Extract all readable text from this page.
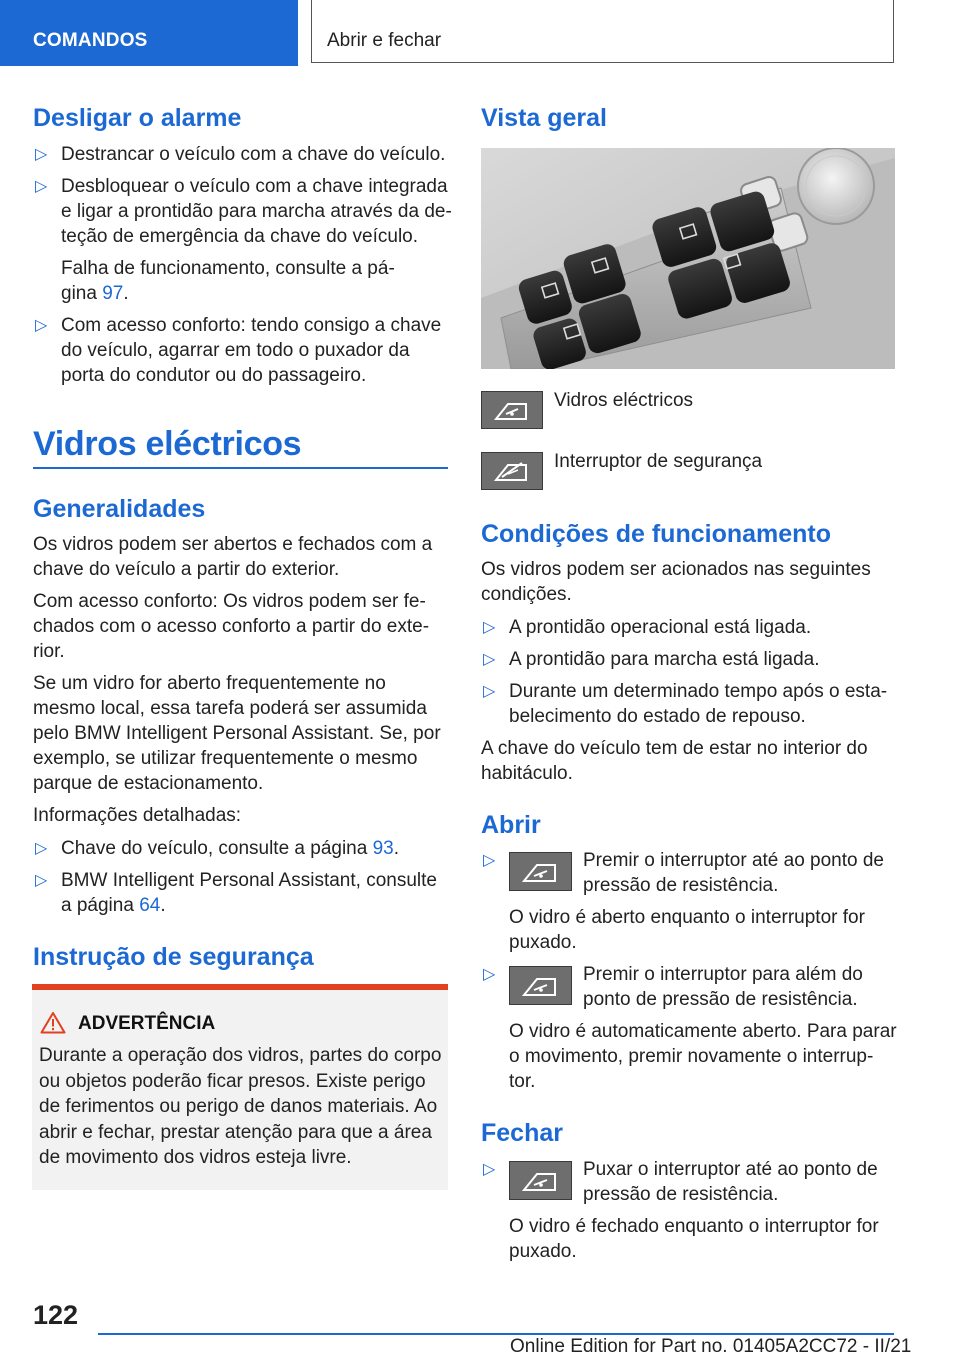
COMANDOS	Abrir e fechar
Desligar o alarme
▷ Destrancar o veículo com a chave do veículo.
▷ Desbloquear o veículo com a chave integrada
e ligar a prontidão para marcha através da de-
teção de emergência da chave do veículo.
Falha de funcionamento, consulte a pá-
gina 97.
▷ Com acesso conforto: tendo consigo a chave
do veículo, agarrar em todo o puxador da
porta do condutor ou do passageiro.
Vidros eléctricos
Generalidades
Os vidros podem ser abertos e fechados com a
chave do veículo a partir do exterior.
Com acesso conforto: Os vidros podem ser fe-
chados com o acesso conforto a partir do exte-
rior.
Se um vidro for aberto frequentemente no
mesmo local, essa tarefa poderá ser assumida
pelo BMW Intelligent Personal Assistant. Se, por
exemplo, se utilizar frequentemente o mesmo
parque de estacionamento.
Informações detalhadas:
▷ Chave do veículo, consulte a página 93.
▷ BMW Intelligent Personal Assistant, consulte
a página 64.
Instrução de segurança
ADVERTÊNCIA
Durante a operação dos vidros, partes do corpo
ou objetos poderão ficar presos. Existe perigo
de ferimentos ou perigo de danos materiais. Ao
abrir e fechar, prestar atenção para que a área
de movimento dos vidros esteja livre.
Vista geral
Vidros eléctricos
Interruptor de segurança
Condições de funcionamento
Os vidros podem ser acionados nas seguintes
condições.
▷ A prontidão operacional está ligada.
▷ A prontidão para marcha está ligada.
▷ Durante um determinado tempo após o esta-
belecimento do estado de repouso.
A chave do veículo tem de estar no interior do
habitáculo.
Abrir
▷	Premir o interruptor até ao ponto de
pressão de resistência.
O vidro é aberto enquanto o interruptor for
puxado.
▷	Premir o interruptor para além do
ponto de pressão de resistência.
O vidro é automaticamente aberto. Para parar
o movimento, premir novamente o interrup-
tor.
Fechar
▷	Puxar o interruptor até ao ponto de
pressão de resistência.
O vidro é fechado enquanto o interruptor for
puxado.
122
Online Edition for Part no. 01405A2CC72 - II/21
